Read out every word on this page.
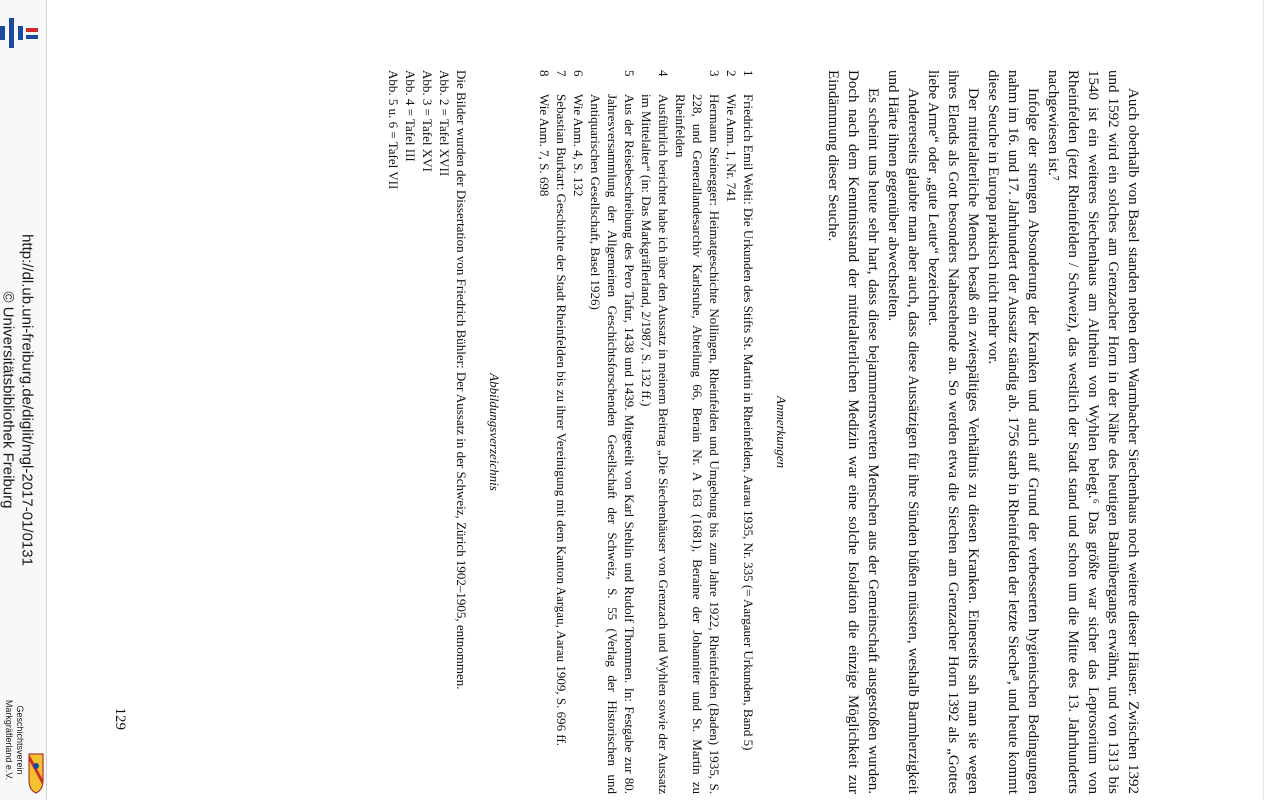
http://dl.ub.uni-freiburg.de/diglit/mgl-2017-01/0131
© Universitätsbibliothek Freiburg
Geschichtsverein
Markgräflerland e.V.	Auch oberhalb von Basel standen neben dem Warmbacher Siechenhaus noch weitere dieser Häuser. Zwischen 1392 und 1592 wird ein solches am Grenzacher Horn in der Nähe des heutigen Bahnübergangs erwähnt, und von 1313 bis 1540 ist ein weiteres Siechenhaus am Altrhein von Wyhlen belegt.⁶ Das größte war sicher das Leprosorium von Rheinfelden (jetzt Rheinfelden / Schweiz), das westlich der Stadt stand und schon um die Mitte des 13. Jahrhunderts nachgewiesen ist.⁷

Infolge der strengen Absonderung der Kranken und auch auf Grund der verbesserten hygienischen Bedingungen nahm im 16. und 17. Jahrhundert der Aussatz ständig ab. 1756 starb in Rheinfelden der letzte Sieche⁸, und heute kommt diese Seuche in Europa praktisch nicht mehr vor.

Der mittelalterliche Mensch besaß ein zwiespältiges Verhältnis zu diesen Kranken. Einerseits sah man sie wegen ihres Elends als Gott besonders Nahestehende an. So werden etwa die Siechen am Grenzacher Horn 1392 als „Gottes liebe Arme“ oder „gute Leute“ bezeichnet.

Andererseits glaubte man aber auch, dass diese Aussätzigen für ihre Sünden büßen müssten, weshalb Barmherzigkeit und Härte ihnen gegenüber abwechselten.

Es scheint uns heute sehr hart, dass diese bejammernswerten Menschen aus der Gemeinschaft ausgestoßen wurden. Doch nach dem Kenntnisstand der mittelalterlichen Medizin war eine solche Isolation die einzige Möglichkeit zur Eindämmung dieser Seuche.

Anmerkungen
1
Friedrich Emil Welti: Die Urkunden des Stifts St. Martin in Rheinfelden, Aarau 1935, Nr. 335 (= Aargauer Urkunden, Band 5)
2
Wie Anm. 1, Nr. 741
3
Hermann Steinegger: Heimatgeschichte Nollingen, Rheinfelden und Umgebung bis zum Jahre 1922, Rheinfelden (Baden) 1935, S. 228, und Generallandesarchiv Karlsruhe, Abteilung 66, Berain Nr. A 163 (1681), Beraine der Johanniter und St. Martin zu Rheinfelden
4
Ausführlich berichtet habe ich über den Aussatz in meinem Beitrag „Die Siechenhäuser von Grenzach und Wyhlen sowie der Aussatz im Mittelalter“ (in: Das Markgräflerland, 2/1987, S. 132 ff.)
5
Aus der Reisebeschreibung des Pero Tafur, 1438 und 1439. Mitgeteilt von Karl Stehlin und Rudolf Thommen. In: Festgabe zur 80. Jahresversammlung der Allgemeinen Geschichtsforschenden Gesellschaft der Schweiz, S. 55 (Verlag der Historischen und Antiquarischen Gesellschaft, Basel 1926)
6
Wie Anm. 4, S. 132
7
Sebastian Burkart: Geschichte der Stadt Rheinfelden bis zu ihrer Vereinigung mit dem Kanton Aargau, Aarau 1909, S. 696 ff.
8
Wie Anm. 7, S. 698
Abbildungsverzeichnis

Die Bilder wurden der Dissertation von Friedrich Bühler: Der Aussatz in der Schweiz, Zürich 1902–1905, entnommen.

Abb. 2 = Tafel XVII

Abb. 3 = Tafel XVI

Abb. 4 = Tafel III

Abb. 5 u. 6 = Tafel VII

129
